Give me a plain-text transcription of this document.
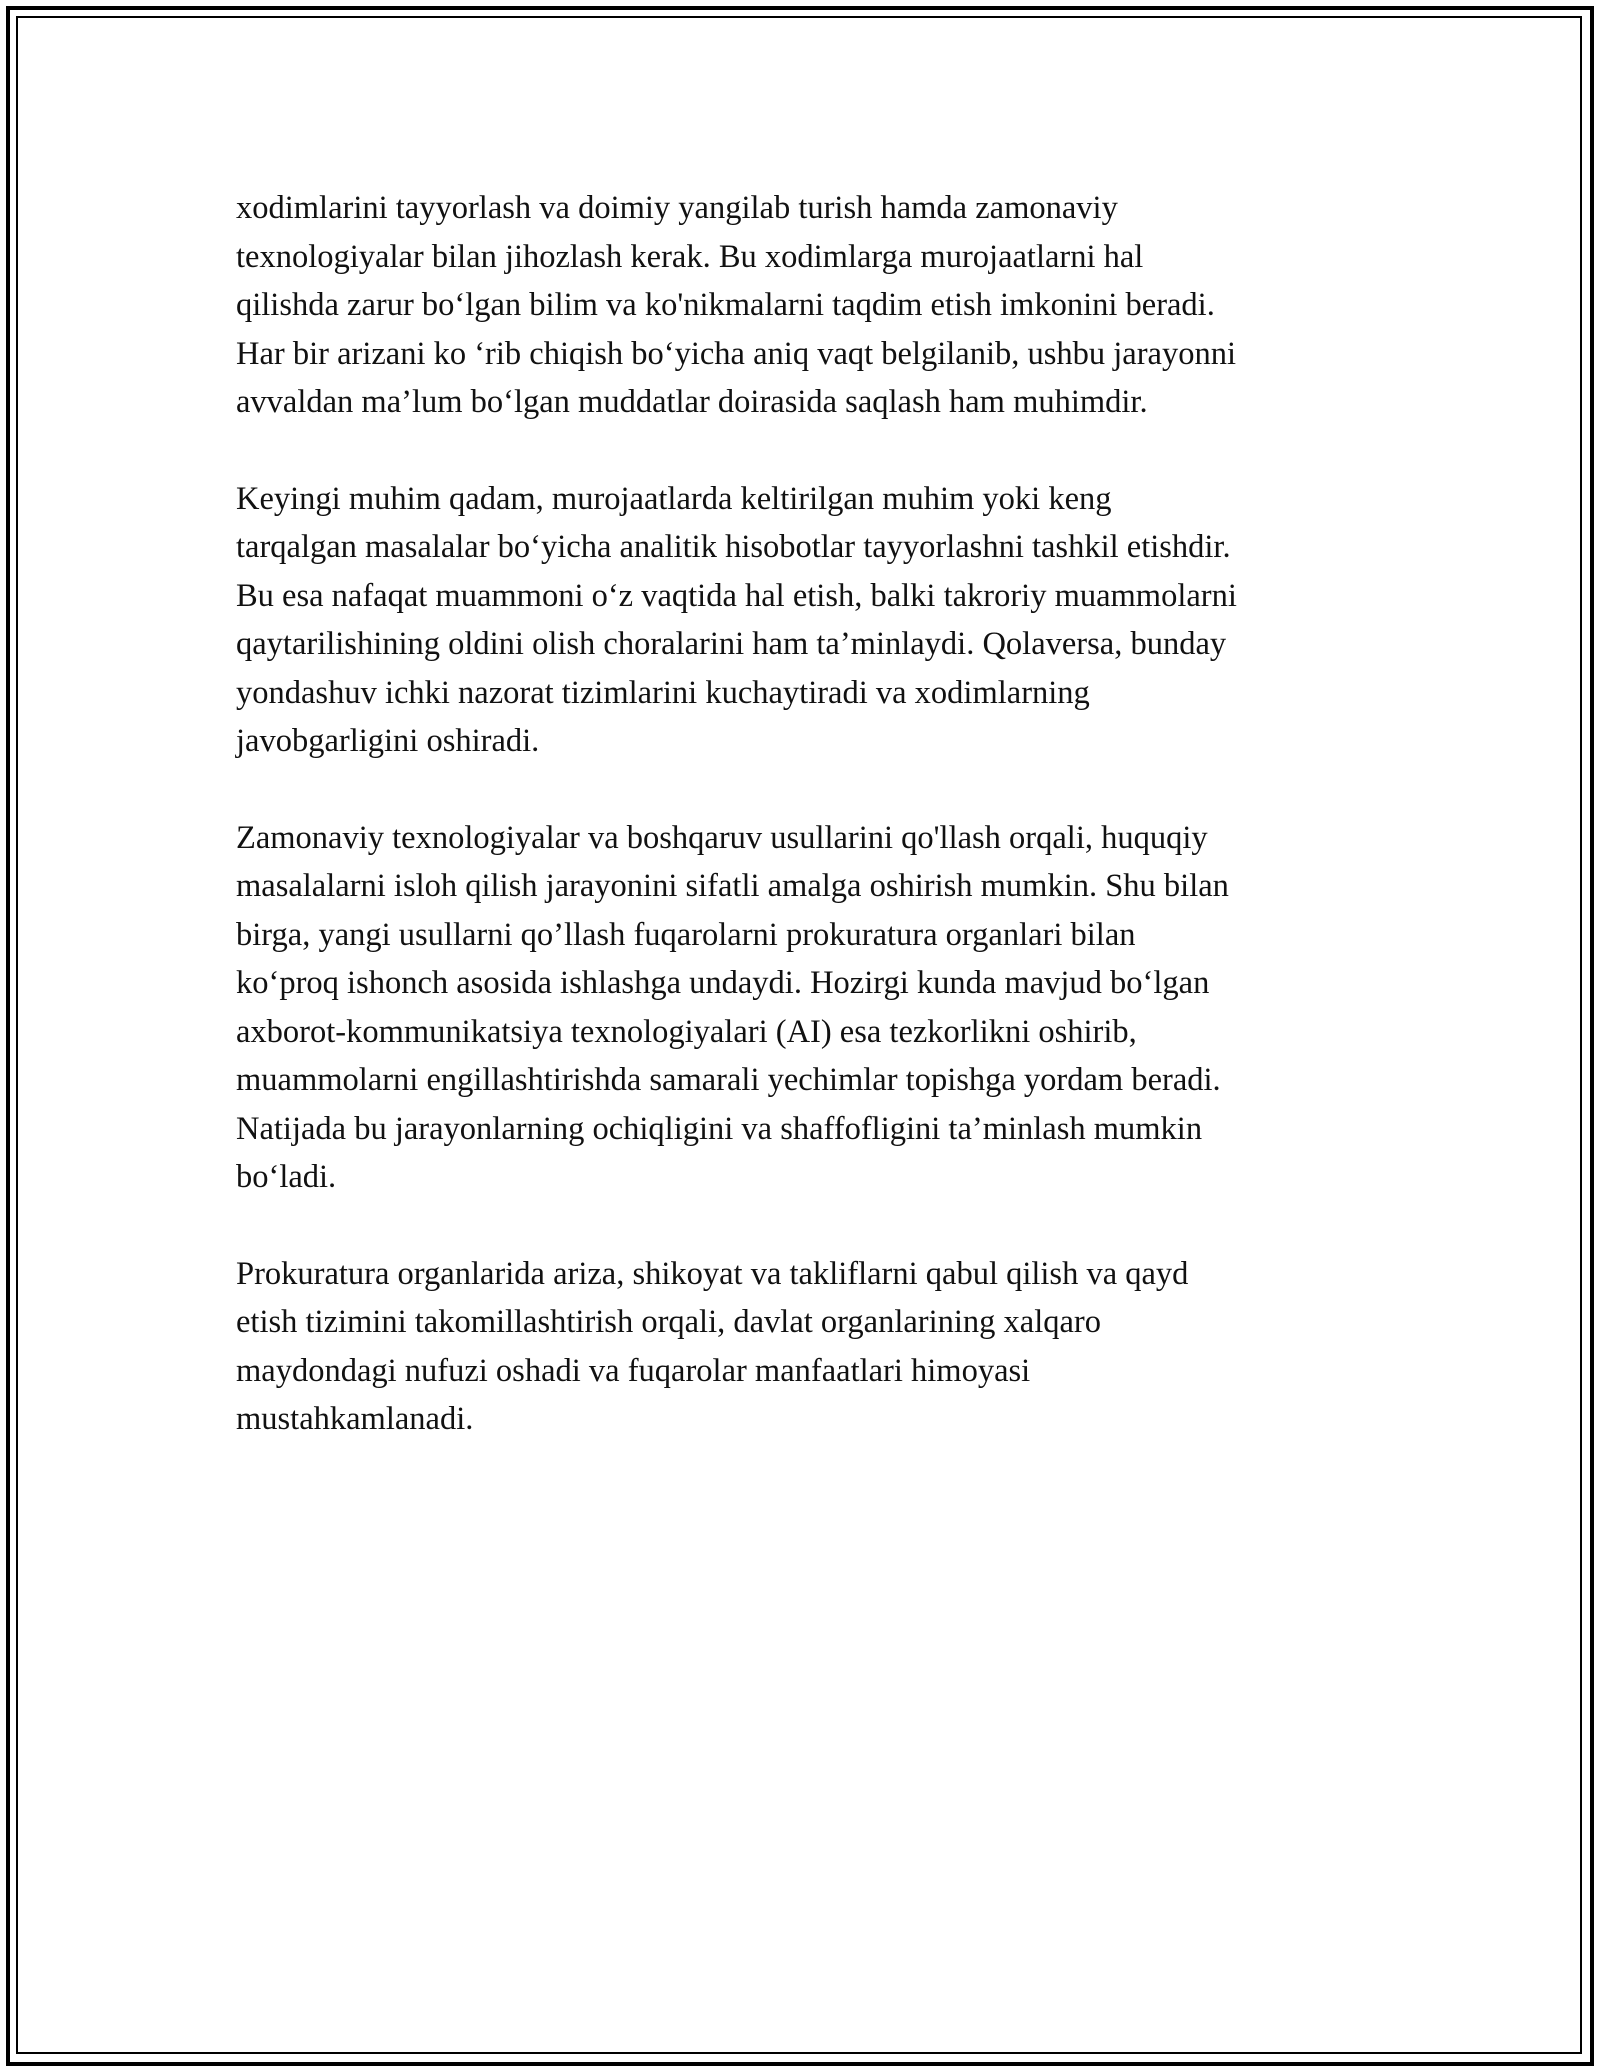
xodimlarini tayyorlash va doimiy yangilab turish hamda zamonaviy
texnologiyalar bilan jihozlash kerak. Bu xodimlarga murojaatlarni hal
qilishda zarur bo‘lgan bilim va ko'nikmalarni taqdim etish imkonini beradi.
Har bir arizani ko ‘rib chiqish bo‘yicha aniq vaqt belgilanib, ushbu jarayonni
avvaldan ma’lum bo‘lgan muddatlar doirasida saqlash ham muhimdir.

Keyingi muhim qadam, murojaatlarda keltirilgan muhim yoki keng
tarqalgan masalalar bo‘yicha analitik hisobotlar tayyorlashni tashkil etishdir.
Bu esa nafaqat muammoni o‘z vaqtida hal etish, balki takroriy muammolarni
qaytarilishining oldini olish choralarini ham ta’minlaydi. Qolaversa, bunday
yondashuv ichki nazorat tizimlarini kuchaytiradi va xodimlarning
javobgarligini oshiradi.

Zamonaviy texnologiyalar va boshqaruv usullarini qo'llash orqali, huquqiy
masalalarni isloh qilish jarayonini sifatli amalga oshirish mumkin. Shu bilan
birga, yangi usullarni qo’llash fuqarolarni prokuratura organlari bilan
ko‘proq ishonch asosida ishlashga undaydi. Hozirgi kunda mavjud bo‘lgan
axborot-kommunikatsiya texnologiyalari (AI) esa tezkorlikni oshirib,
muammolarni engillashtirishda samarali yechimlar topishga yordam beradi.
Natijada bu jarayonlarning ochiqligini va shaffofligini ta’minlash mumkin
bo‘ladi.

Prokuratura organlarida ariza, shikoyat va takliflarni qabul qilish va qayd
etish tizimini takomillashtirish orqali, davlat organlarining xalqaro
maydondagi nufuzi oshadi va fuqarolar manfaatlari himoyasi
mustahkamlanadi.
